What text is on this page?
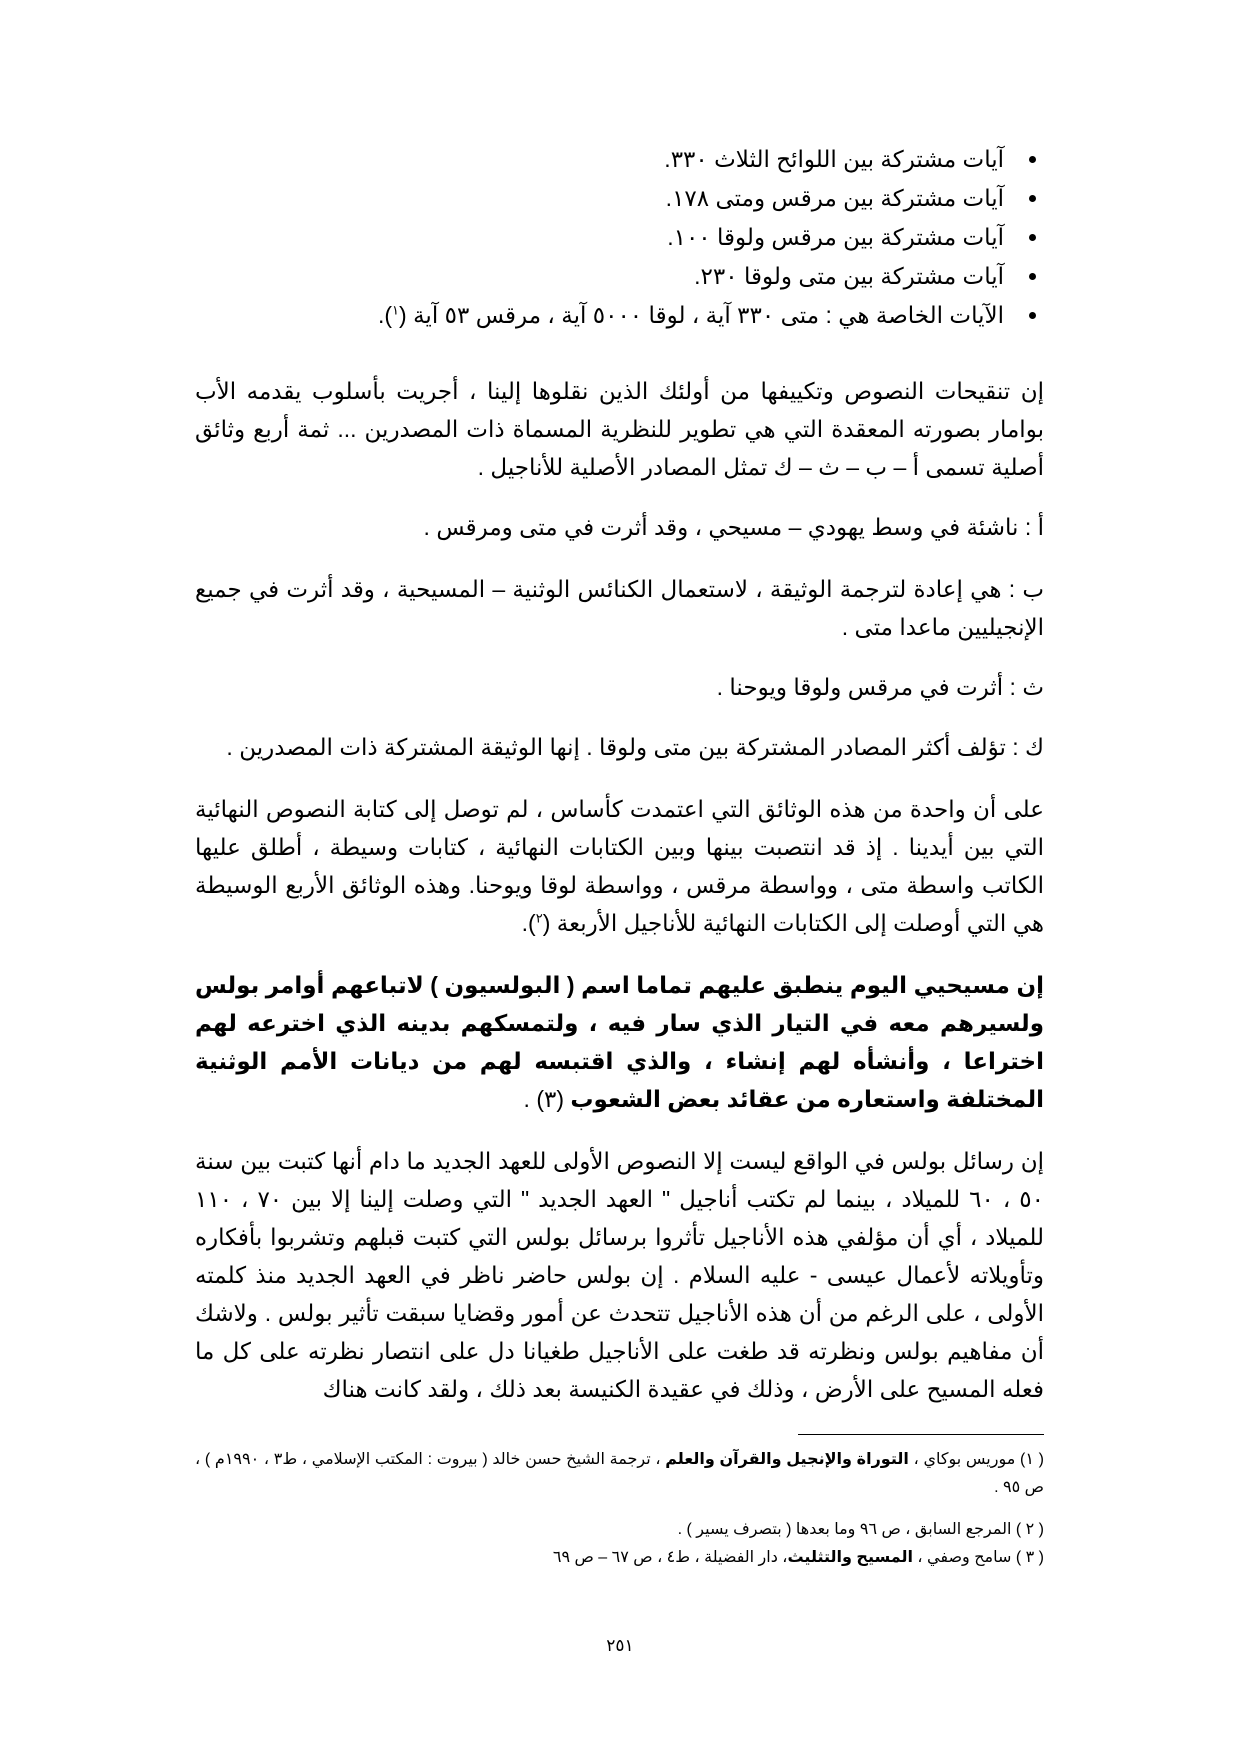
آيات مشتركة بين اللوائح الثلاث ٣٣٠.
آيات مشتركة بين مرقس ومتى ١٧٨.
آيات مشتركة بين مرقس ولوقا ١٠٠.
آيات مشتركة بين متى ولوقا ٢٣٠.
الآيات الخاصة هي : متى ٣٣٠ آية ، لوقا ٥٠٠٠ آية ، مرقس ٥٣ آية ($^١$).

إن تنقيحات النصوص وتكييفها من أولئك الذين نقلوها إلينا ، أجريت بأسلوب يقدمه الأب بوامار بصورته المعقدة التي هي تطوير للنظرية المسماة ذات المصدرين ... ثمة أربع وثائق أصلية تسمى أ – ب – ث – ك تمثل المصادر الأصلية للأناجيل .

أ : ناشئة في وسط يهودي – مسيحي ، وقد أثرت في متى ومرقس .

ب : هي إعادة لترجمة الوثيقة ، لاستعمال الكنائس الوثنية – المسيحية ، وقد أثرت في جميع الإنجيليين ماعدا متى .

ث : أثرت في مرقس ولوقا ويوحنا .

ك : تؤلف أكثر المصادر المشتركة بين متى ولوقا . إنها الوثيقة المشتركة ذات المصدرين .

على أن واحدة من هذه الوثائق التي اعتمدت كأساس ، لم توصل إلى كتابة النصوص النهائية التي بين أيدينا . إذ قد انتصبت بينها وبين الكتابات النهائية ، كتابات وسيطة ، أطلق عليها الكاتب واسطة متى ، وواسطة مرقس ، وواسطة لوقا ويوحنا. وهذه الوثائق الأربع الوسيطة هي التي أوصلت إلى الكتابات النهائية للأناجيل الأربعة ($^٢$).

إن مسيحيي اليوم ينطبق عليهم تماما اسم ( البولسيون ) لاتباعهم أوامر بولس ولسيرهم معه في التيار الذي سار فيه ، ولتمسكهم بدينه الذي اخترعه لهم اختراعا ، وأنشأه لهم إنشاء ، والذي اقتبسه لهم من ديانات الأمم الوثنية المختلفة واستعاره من عقائد بعض الشعوب (٣) .

إن رسائل بولس في الواقع ليست إلا النصوص الأولى للعهد الجديد ما دام أنها كتبت بين سنة ٥٠ ، ٦٠ للميلاد ، بينما لم تكتب أناجيل " العهد الجديد " التي وصلت إلينا إلا بين ٧٠ ، ١١٠ للميلاد ، أي أن مؤلفي هذه الأناجيل تأثروا برسائل بولس التي كتبت قبلهم وتشربوا بأفكاره وتأويلاته لأعمال عيسى - عليه السلام . إن بولس حاضر ناظر في العهد الجديد منذ كلمته الأولى ، على الرغم من أن هذه الأناجيل تتحدث عن أمور وقضايا سبقت تأثير بولس . ولاشك أن مفاهيم بولس ونظرته قد طغت على الأناجيل طغيانا دل على انتصار نظرته على كل ما فعله المسيح على الأرض ، وذلك في عقيدة الكنيسة بعد ذلك ، ولقد كانت هناك

( ١) موريس بوكاي ، التوراة والإنجيل والقرآن والعلم ، ترجمة الشيخ حسن خالد ( بيروت : المكتب الإسلامي ، ط٣ ، ١٩٩٠م ) ، ص ٩٥ .

( ٢ ) المرجع السابق ، ص ٩٦ وما بعدها ( بتصرف يسير ) .

( ٣ ) سامح وصفي ، المسيح والتثليث، دار الفضيلة ، ط٤ ، ص ٦٧ – ص ٦٩

٢٥١
